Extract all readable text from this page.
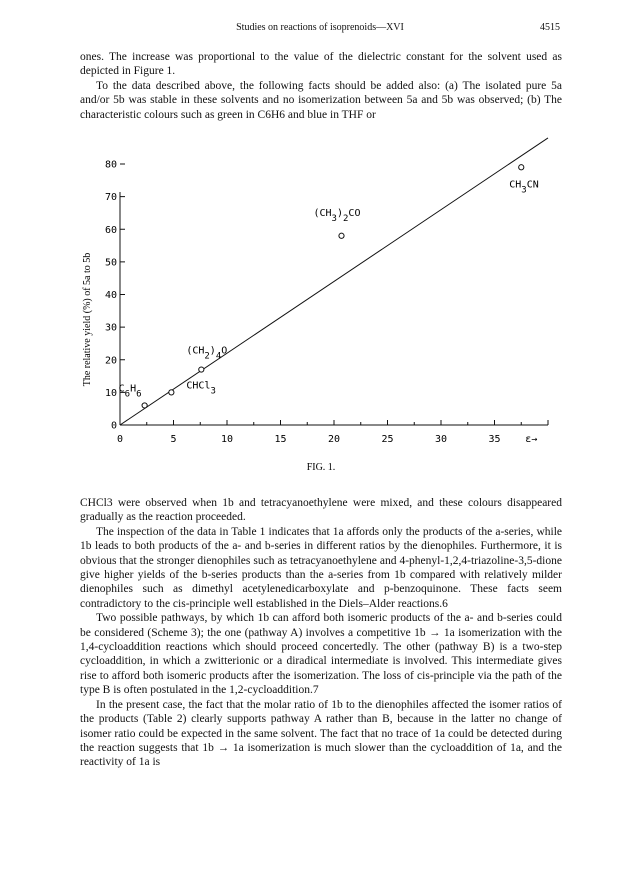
Studies on reactions of isoprenoids—XVI	4515

ones. The increase was proportional to the value of the dielectric constant for the solvent used as depicted in Figure 1.

To the data described above, the following facts should be added also: (a) The isolated pure 5a and/or 5b was stable in these solvents and no isomerization between 5a and 5b was observed; (b) The characteristic colours such as green in C6H6 and blue in THF or

The relative yield (%) of 5a to 5b
ε→
FIG. 1.
0
10
20
30
40
50
60
70
80
0	5	10	15	20	25	30	35
$C_6H_6$
CHCl$_3$
$(CH_2)_4O$
$(CH_3)_2CO$
$CH_3CN$

CHCl3 were observed when 1b and tetracyanoethylene were mixed, and these colours disappeared gradually as the reaction proceeded.

The inspection of the data in Table 1 indicates that 1a affords only the products of the a-series, while 1b leads to both products of the a- and b-series in different ratios by the dienophiles. Furthermore, it is obvious that the stronger dienophiles such as tetracyanoethylene and 4-phenyl-1,2,4-triazoline-3,5-dione give higher yields of the b-series products than the a-series from 1b compared with relatively milder dienophiles such as dimethyl acetylenedicarboxylate and p-benzoquinone. These facts seem contradictory to the cis-principle well established in the Diels–Alder reactions.6

Two possible pathways, by which 1b can afford both isomeric products of the a- and b-series could be considered (Scheme 3); the one (pathway A) involves a competitive 1b → 1a isomerization with the 1,4-cycloaddition reactions which should proceed concertedly. The other (pathway B) is a two-step cycloaddition, in which a zwitterionic or a diradical intermediate is involved. This intermediate gives rise to afford both isomeric products after the isomerization. The loss of cis-principle via the path of the type B is often postulated in the 1,2-cycloaddition.7

In the present case, the fact that the molar ratio of 1b to the dienophiles affected the isomer ratios of the products (Table 2) clearly supports pathway A rather than B, because in the latter no change of isomer ratio could be expected in the same solvent. The fact that no trace of 1a could be detected during the reaction suggests that 1b → 1a isomerization is much slower than the cycloaddition of 1a, and the reactivity of 1a is
